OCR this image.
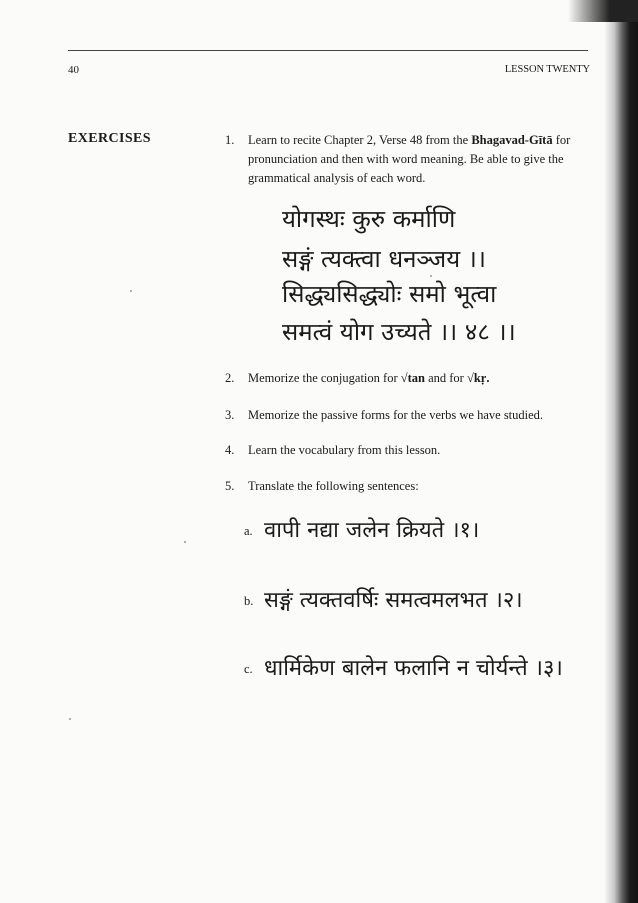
40	LESSON TWENTY
EXERCISES	1. Learn to recite Chapter 2, Verse 48 from the Bhagavad-Gītā for pronunciation and then with word meaning. Be able to give the grammatical analysis of each word.
योगस्थः कुरु कर्माणि
सङ्गं त्यक्त्वा धनञ्जय ।।
सिद्ध्यसिद्ध्योः समो भूत्वा
समत्वं योग उच्यते ।। ४८ ।।
2. Memorize the conjugation for √tan and for √kṛ.
3. Memorize the passive forms for the verbs we have studied.
4. Learn the vocabulary from this lesson.
5. Translate the following sentences:
a. वापी नद्या जलेन क्रियते ।१।
b. सङ्गं त्यक्तवर्षिः समत्वमलभत ।२।
c. धार्मिकेण बालेन फलानि न चोर्यन्ते ।३।
